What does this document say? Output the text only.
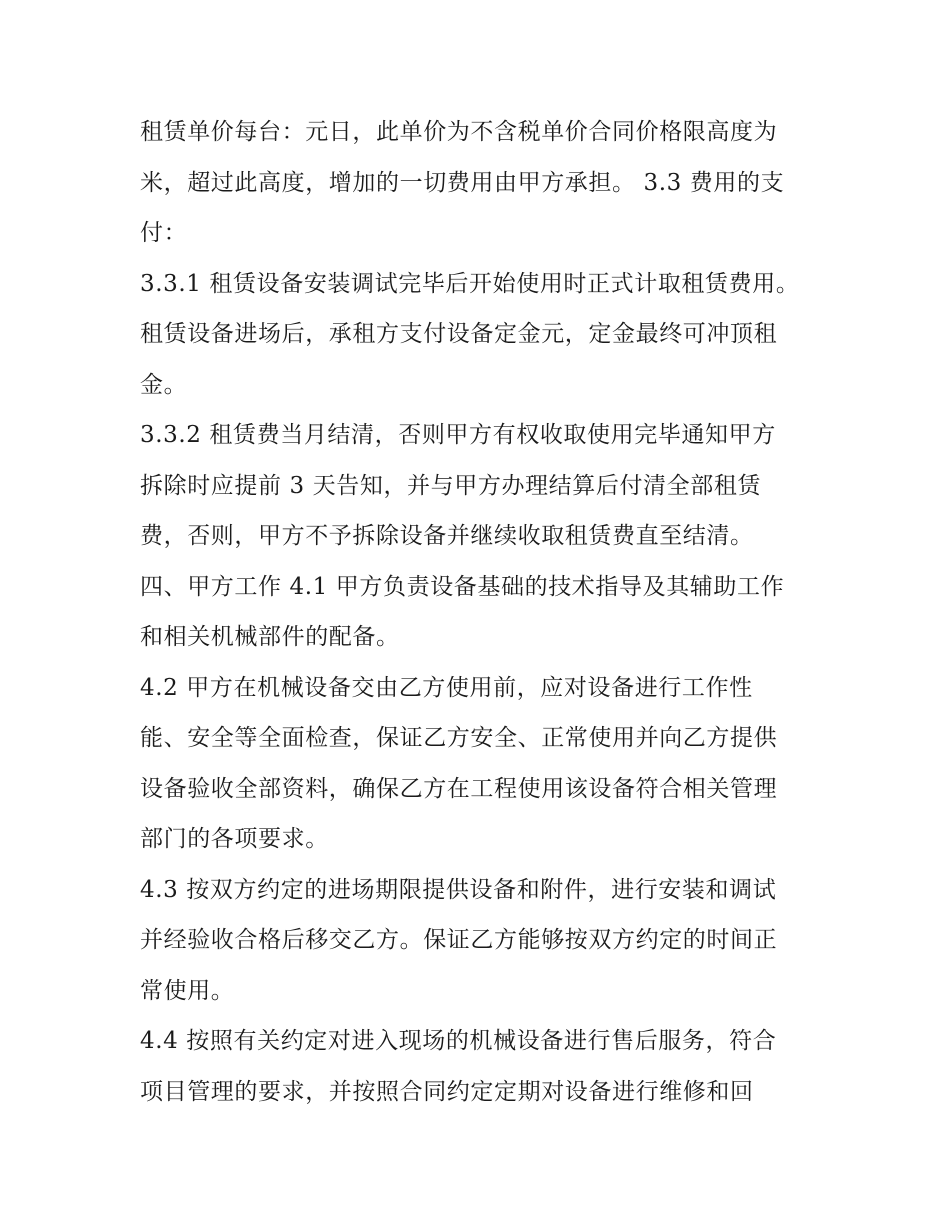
租赁单价每台：元日，此单价为不含税单价合同价格限高度为
米，超过此高度，增加的一切费用由甲方承担。 3.3 费用的支
付：
3.3.1 租赁设备安装调试完毕后开始使用时正式计取租赁费用。
租赁设备进场后，承租方支付设备定金元，定金最终可冲顶租
金。
3.3.2 租赁费当月结清，否则甲方有权收取使用完毕通知甲方
拆除时应提前 3 天告知，并与甲方办理结算后付清全部租赁
费，否则，甲方不予拆除设备并继续收取租赁费直至结清。
四、甲方工作 4.1 甲方负责设备基础的技术指导及其辅助工作
和相关机械部件的配备。
4.2 甲方在机械设备交由乙方使用前，应对设备进行工作性
能、安全等全面检查，保证乙方安全、正常使用并向乙方提供
设备验收全部资料，确保乙方在工程使用该设备符合相关管理
部门的各项要求。
4.3 按双方约定的进场期限提供设备和附件，进行安装和调试
并经验收合格后移交乙方。保证乙方能够按双方约定的时间正
常使用。
4.4 按照有关约定对进入现场的机械设备进行售后服务，符合
项目管理的要求，并按照合同约定定期对设备进行维修和回
